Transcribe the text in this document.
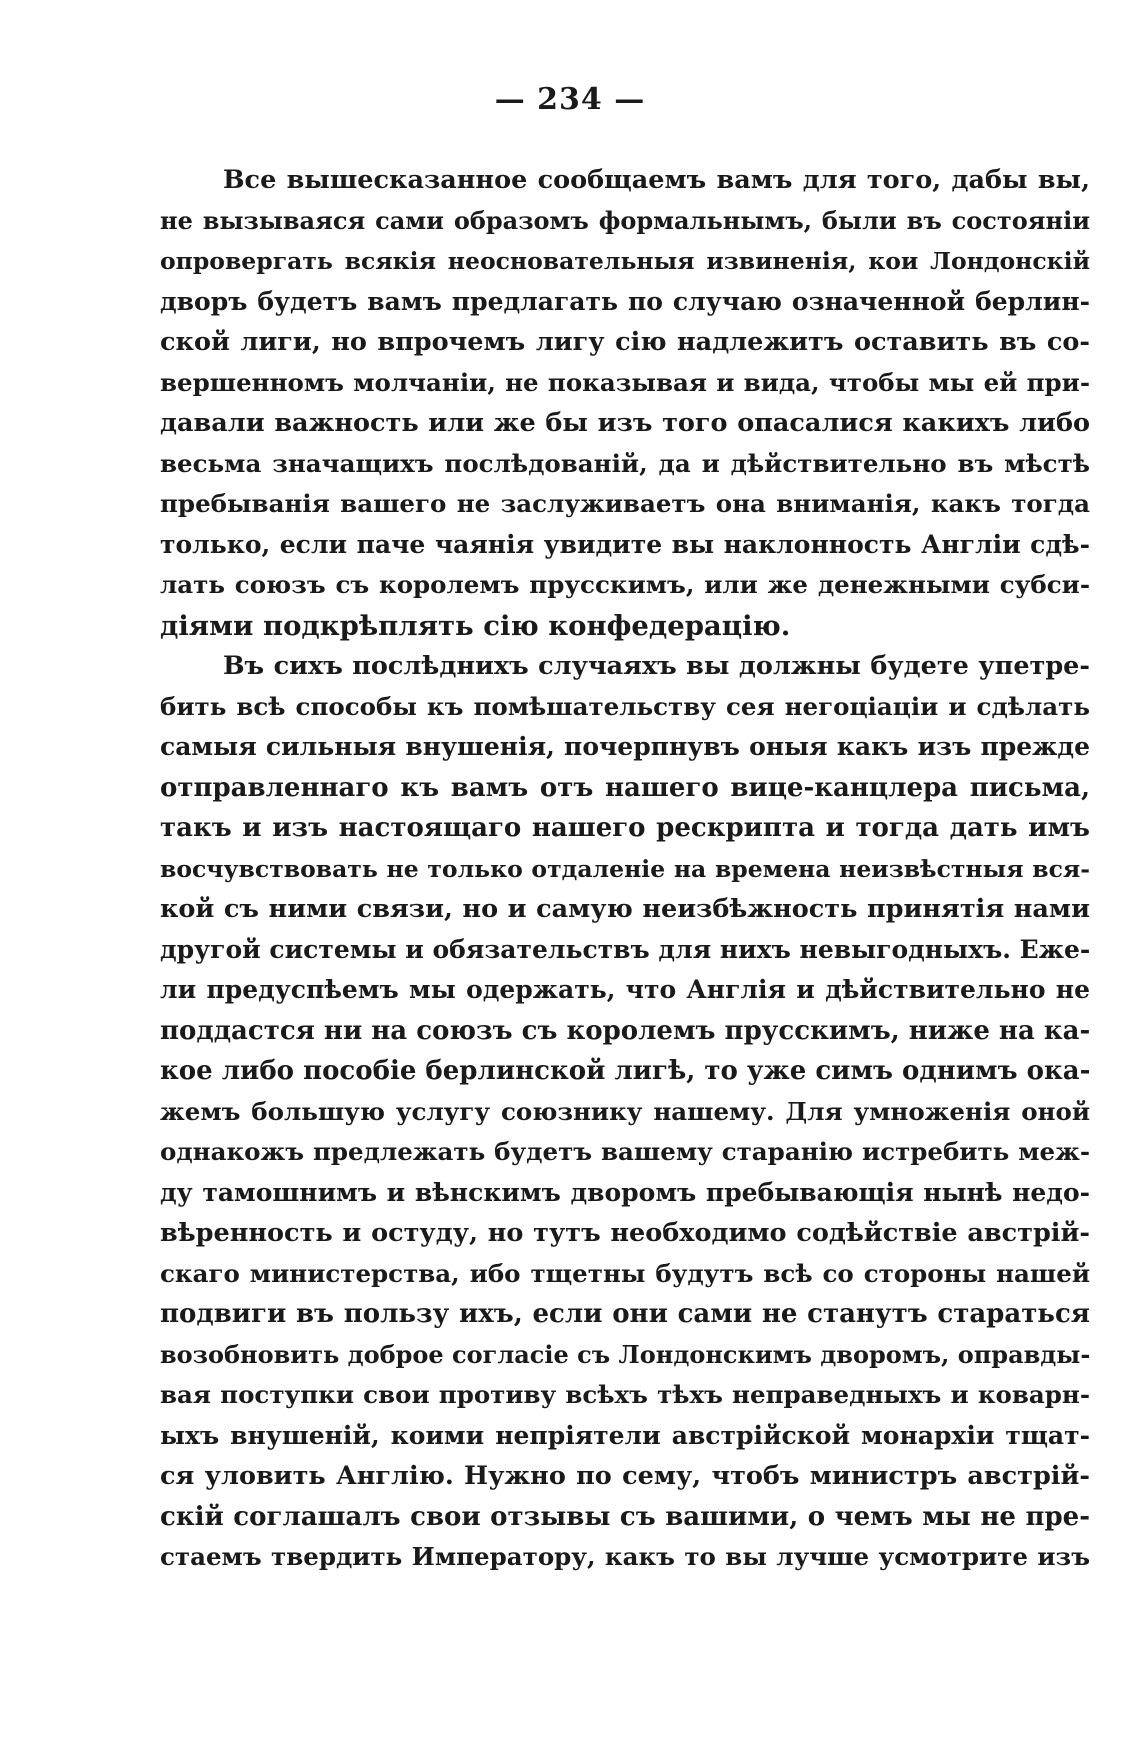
— 234 —
Все вышесказанное сообщаемъ вамъ для того, дабы вы,
не вызываяся сами образомъ формальнымъ, были въ состояніи
опровергать всякія неосновательныя извиненія, кои Лондонскій
дворъ будетъ вамъ предлагать по случаю означенной берлин-
ской лиги, но впрочемъ лигу сію надлежитъ оставить въ со-
вершенномъ молчаніи, не показывая и вида, чтобы мы ей при-
давали важность или же бы изъ того опасалися какихъ либо
весьма значащихъ послѣдованій, да и дѣйствительно въ мѣстѣ
пребыванія вашего не заслуживаетъ она вниманія, какъ тогда
только, если паче чаянія увидите вы наклонность Англіи сдѣ-
лать союзъ съ королемъ прусскимъ, или же денежными субси-
діями подкрѣплять сію конфедерацію.
Въ сихъ послѣднихъ случаяхъ вы должны будете упетре-
бить всѣ способы къ помѣшательству сея негоціаціи и сдѣлать
самыя сильныя внушенія, почерпнувъ оныя какъ изъ прежде
отправленнаго къ вамъ отъ нашего вице-канцлера письма,
такъ и изъ настоящаго нашего рескрипта и тогда дать имъ
восчувствовать не только отдаленіе на времена неизвѣстныя вся-
кой съ ними связи, но и самую неизбѣжность принятія нами
другой системы и обязательствъ для нихъ невыгодныхъ. Еже-
ли предуспѣемъ мы одержать, что Англія и дѣйствительно не
поддастся ни на союзъ съ королемъ прусскимъ, ниже на ка-
кое либо пособіе берлинской лигѣ, то уже симъ однимъ ока-
жемъ большую услугу союзнику нашему. Для умноженія оной
однакожъ предлежать будетъ вашему старанію истребить меж-
ду тамошнимъ и вѣнскимъ дворомъ пребывающія нынѣ недо-
вѣренность и остуду, но тутъ необходимо содѣйствіе австрій-
скаго министерства, ибо тщетны будутъ всѣ со стороны нашей
подвиги въ пользу ихъ, если они сами не станутъ стараться
возобновить доброе согласіе съ Лондонскимъ дворомъ, оправды-
вая поступки свои противу всѣхъ тѣхъ неправедныхъ и коварн-
ыхъ внушеній, коими непріятели австрійской монархіи тщат-
ся уловить Англію. Нужно по сему, чтобъ министръ австрій-
скій соглашалъ свои отзывы съ вашими, о чемъ мы не пре-
стаемъ твердить Императору, какъ то вы лучше усмотрите изъ
